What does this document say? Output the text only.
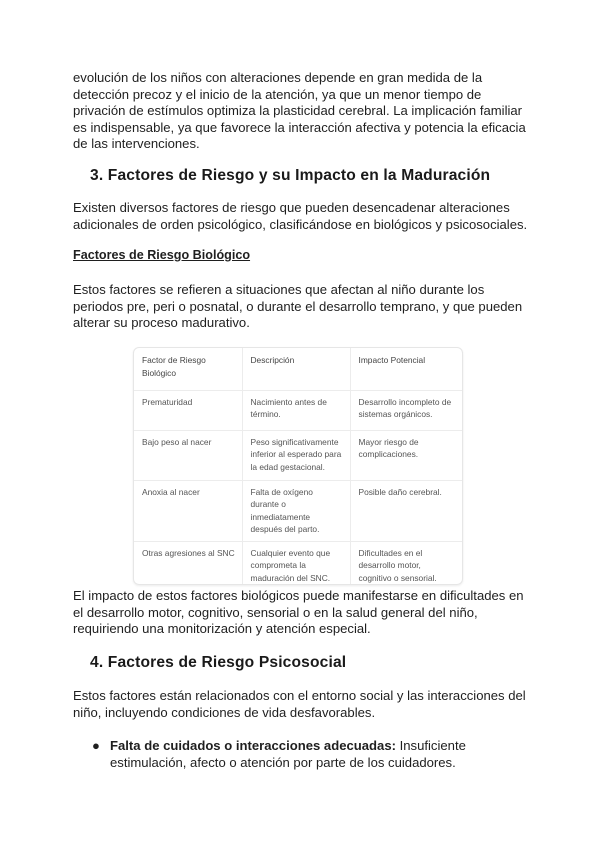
evolución de los niños con alteraciones depende en gran medida de la detección precoz y el inicio de la atención, ya que un menor tiempo de privación de estímulos optimiza la plasticidad cerebral. La implicación familiar es indispensable, ya que favorece la interacción afectiva y potencia la eficacia de las intervenciones.

3. Factores de Riesgo y su Impacto en la Maduración

Existen diversos factores de riesgo que pueden desencadenar alteraciones adicionales de orden psicológico, clasificándose en biológicos y psicosociales.

Factores de Riesgo Biológico

Estos factores se refieren a situaciones que afectan al niño durante los periodos pre, peri o posnatal, o durante el desarrollo temprano, y que pueden alterar su proceso madurativo.

Factor de Riesgo Biológico	Descripción	Impacto Potencial
Prematuridad	Nacimiento antes de término.	Desarrollo incompleto de sistemas orgánicos.
Bajo peso al nacer	Peso significativamente inferior al esperado para la edad gestacional.	Mayor riesgo de complicaciones.
Anoxia al nacer	Falta de oxígeno durante o inmediatamente después del parto.	Posible daño cerebral.
Otras agresiones al SNC	Cualquier evento que comprometa la maduración del SNC.	Dificultades en el desarrollo motor, cognitivo o sensorial.

El impacto de estos factores biológicos puede manifestarse en dificultades en el desarrollo motor, cognitivo, sensorial o en la salud general del niño, requiriendo una monitorización y atención especial.

4. Factores de Riesgo Psicosocial

Estos factores están relacionados con el entorno social y las interacciones del niño, incluyendo condiciones de vida desfavorables.

● Falta de cuidados o interacciones adecuadas: Insuficiente estimulación, afecto o atención por parte de los cuidadores.
